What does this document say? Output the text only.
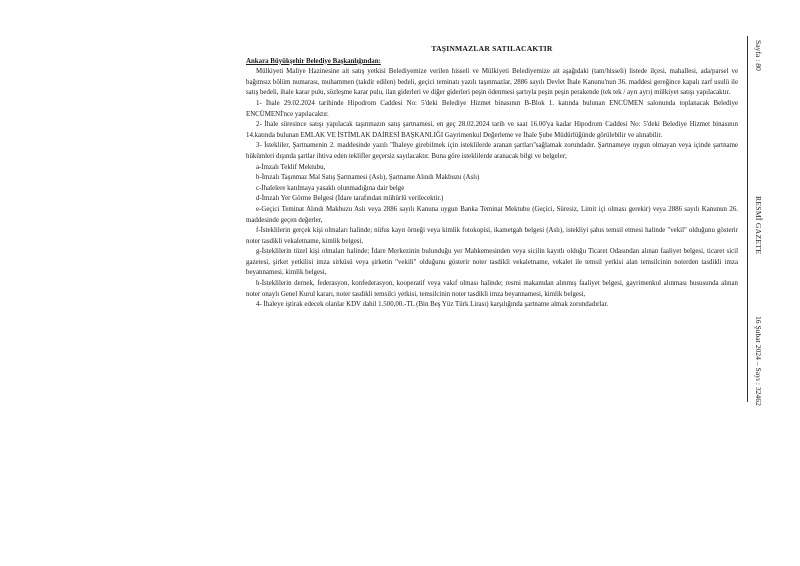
TAŞINMAZLAR SATILACAKTIR
Ankara Büyükşehir Belediye Başkanlığından:

Mülkiyeti Maliye Hazinesine ait satış yetkisi Belediyemize verilen hisseli ve Mülkiyeti Belediyemize ait aşağıdaki (tam/hisseli) listede ilçesi, mahallesi, ada/parsel ve bağımsız bölüm numarası, muhammen (takdir edilen) bedeli, geçici teminatı yazılı taşınmazlar, 2886 sayılı Devlet İhale Kanunu'nun 36. maddesi gereğince kapalı zarf usulü ile satış bedeli, ihale karar pulu, sözleşme karar pulu, ilan giderleri ve diğer giderleri peşin ödenmesi şartıyla peşin peşin perakende (tek tek / ayrı ayrı) mülkiyet satışı yapılacaktır.

1- İhale 29.02.2024 tarihinde Hipodrom Caddesi No: 5'deki Belediye Hizmet binasının B-Blok 1. katında bulunan ENCÜMEN salonunda toplanacak Belediye ENCÜMENİ'nce yapılacaktır.

2- İhale süresince satışı yapılacak taşınmazın satış şartnamesi, en geç 28.02.2024 tarih ve saat 16.00'ya kadar Hipodrom Caddesi No: 5'deki Belediye Hizmet binasının 14.katında bulunan EMLAK VE İSTİMLAK DAİRESİ BAŞKANLIĞI Gayrimenkul Değerleme ve İhale Şube Müdürlüğünde görülebilir ve alınabilir.

3- İstekliler, Şartnamenin 2. maddesinde yazılı ''İhaleye girebilmek için isteklilerde aranan şartları''sağlamak zorundadır. Şartnameye uygun olmayan veya içinde şartname hükümleri dışında şartlar ihtiva eden teklifler geçersiz sayılacaktır. Buna göre isteklilerde aranacak bilgi ve belgeler;

a-İmzalı Teklif Mektubu,

b-İmzalı Taşınmaz Mal Satış Şartnamesi (Aslı), Şartname Alındı Makbuzu (Aslı)

c-İhalelere katılmaya yasaklı olunmadığına dair belge

d-İmzalı Yer Görme Belgesi (İdare tarafından mühürlü verilecektir.)

e-Geçici Teminat Alındı Makbuzu Aslı veya 2886 sayılı Kanuna uygun Banka Teminat Mektubu (Geçici, Süresiz, Limit içi olması gerekir) veya 2886 sayılı Kanunun 26. maddesinde geçen değerler,

f-İsteklilerin gerçek kişi olmaları halinde; nüfus kayıt örneği veya kimlik fotokopisi, ikametgah belgesi (Aslı), istekliyi şahıs temsil etmesi halinde "vekil" olduğunu gösterir noter tasdikli vekaletname, kimlik belgesi,

g-İsteklilerin tüzel kişi olmaları halinde; İdare Merkezinin bulunduğu yer Mahkemesinden veya sicilin kayıtlı olduğu Ticaret Odasından alınan faaliyet belgesi, ticaret sicil gazetesi, şirket yetkilisi imza sirküsü veya şirketin "vekili" olduğunu gösterir noter tasdikli vekaletname, vekalet ile temsil yetkisi alan temsilcinin noterden tasdikli imza beyannamesi, kimlik belgesi,

h-İsteklilerin dernek, federasyon, konfederasyon, kooperatif veya vakıf olması halinde; resmi makamdan alınmış faaliyet belgesi, gayrimenkul alınması hususunda alınan noter onaylı Genel Kurul kararı, noter tasdikli temsilci yetkisi, temsilcinin noter tasdikli imza beyannamesi, kimlik belgesi,

4- İhaleye iştirak edecek olanlar KDV dahil 1.500,00.-TL (Bin Beş Yüz Türk Lirası) karşılığında şartname almak zorundadırlar.

Sayfa : 80
RESMÎ GAZETE
16 Şubat 2024 – Sayı : 32462
